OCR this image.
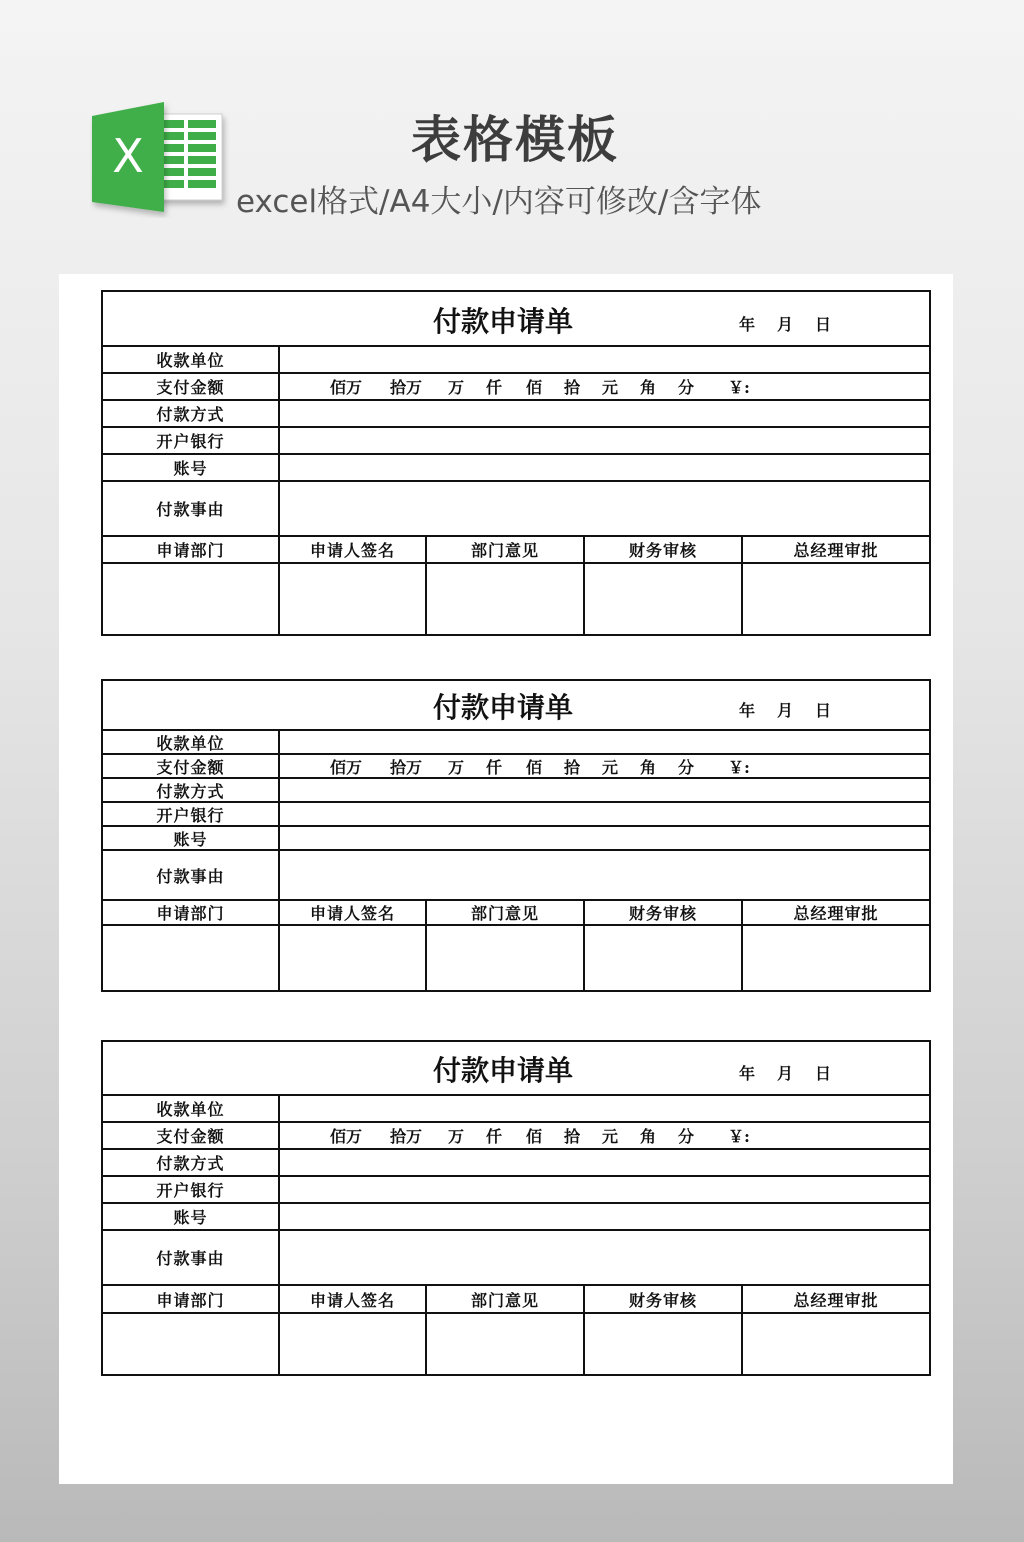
X	表格模板
excel格式/A4大小/内容可修改/含字体
付款申请单	年 月 日
收款单位
支付金额	佰万 拾万 万 仟 佰 拾 元 角 分 ￥:
付款方式
开户银行
账号
付款事由
申请部门	申请人签名	部门意见	财务审核	总经理审批
付款申请单	年 月 日
收款单位
支付金额	佰万 拾万 万 仟 佰 拾 元 角 分 ￥:
付款方式
开户银行
账号
付款事由
申请部门	申请人签名	部门意见	财务审核	总经理审批
付款申请单	年 月 日
收款单位
支付金额	佰万 拾万 万 仟 佰 拾 元 角 分 ￥:
付款方式
开户银行
账号
付款事由
申请部门	申请人签名	部门意见	财务审核	总经理审批
